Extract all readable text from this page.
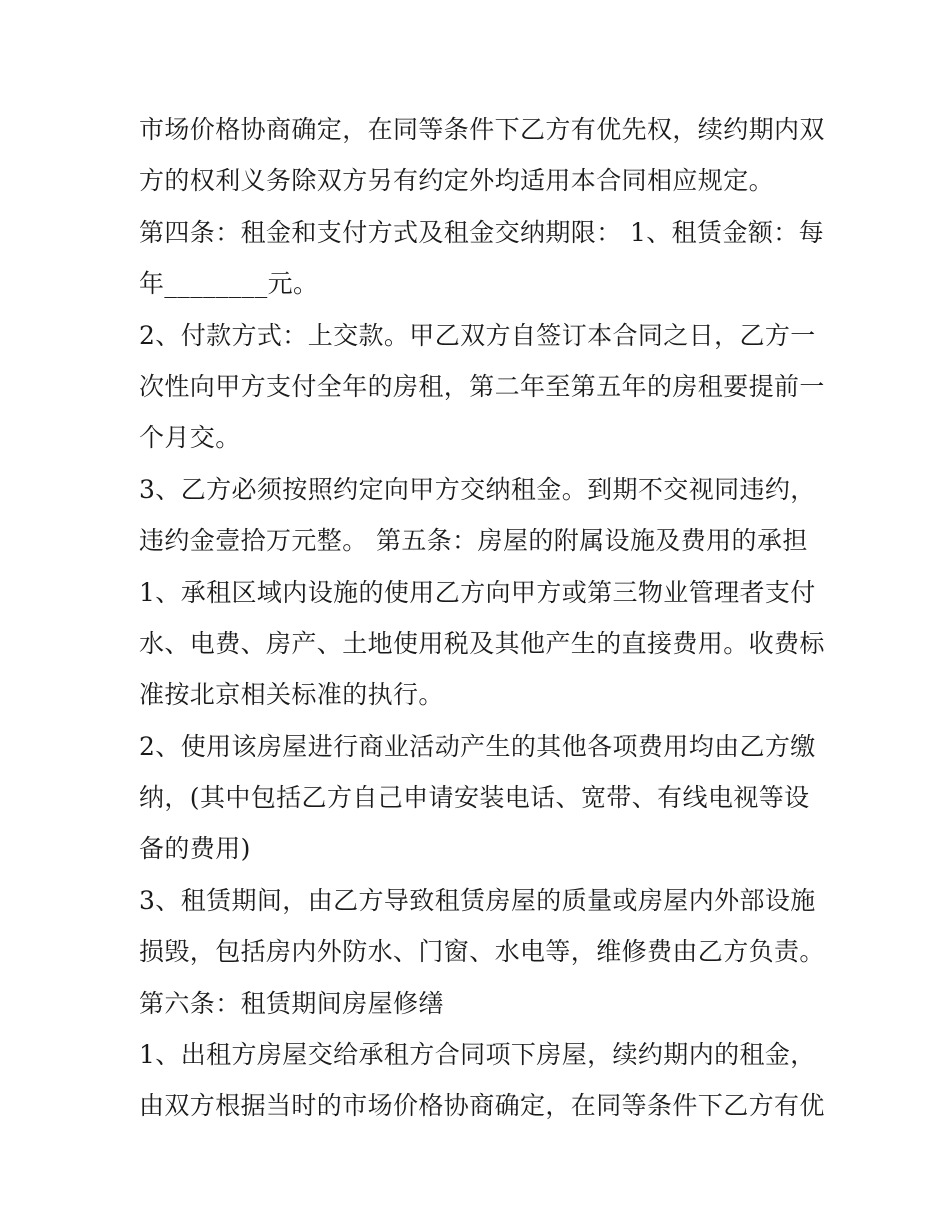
市场价格协商确定，在同等条件下乙方有优先权，续约期内双
方的权利义务除双方另有约定外均适用本合同相应规定。
第四条：租金和支付方式及租金交纳期限： 1、租赁金额：每
年________元。
2、付款方式：上交款。甲乙双方自签订本合同之日，乙方一
次性向甲方支付全年的房租，第二年至第五年的房租要提前一
个月交。
3、乙方必须按照约定向甲方交纳租金。到期不交视同违约，
违约金壹拾万元整。 第五条：房屋的附属设施及费用的承担
1、承租区域内设施的使用乙方向甲方或第三物业管理者支付
水、电费、房产、土地使用税及其他产生的直接费用。收费标
准按北京相关标准的执行。
2、使用该房屋进行商业活动产生的其他各项费用均由乙方缴
纳，(其中包括乙方自己申请安装电话、宽带、有线电视等设
备的费用)
3、租赁期间，由乙方导致租赁房屋的质量或房屋内外部设施
损毁，包括房内外防水、门窗、水电等，维修费由乙方负责。
第六条：租赁期间房屋修缮
1、出租方房屋交给承租方合同项下房屋，续约期内的租金，
由双方根据当时的市场价格协商确定，在同等条件下乙方有优
